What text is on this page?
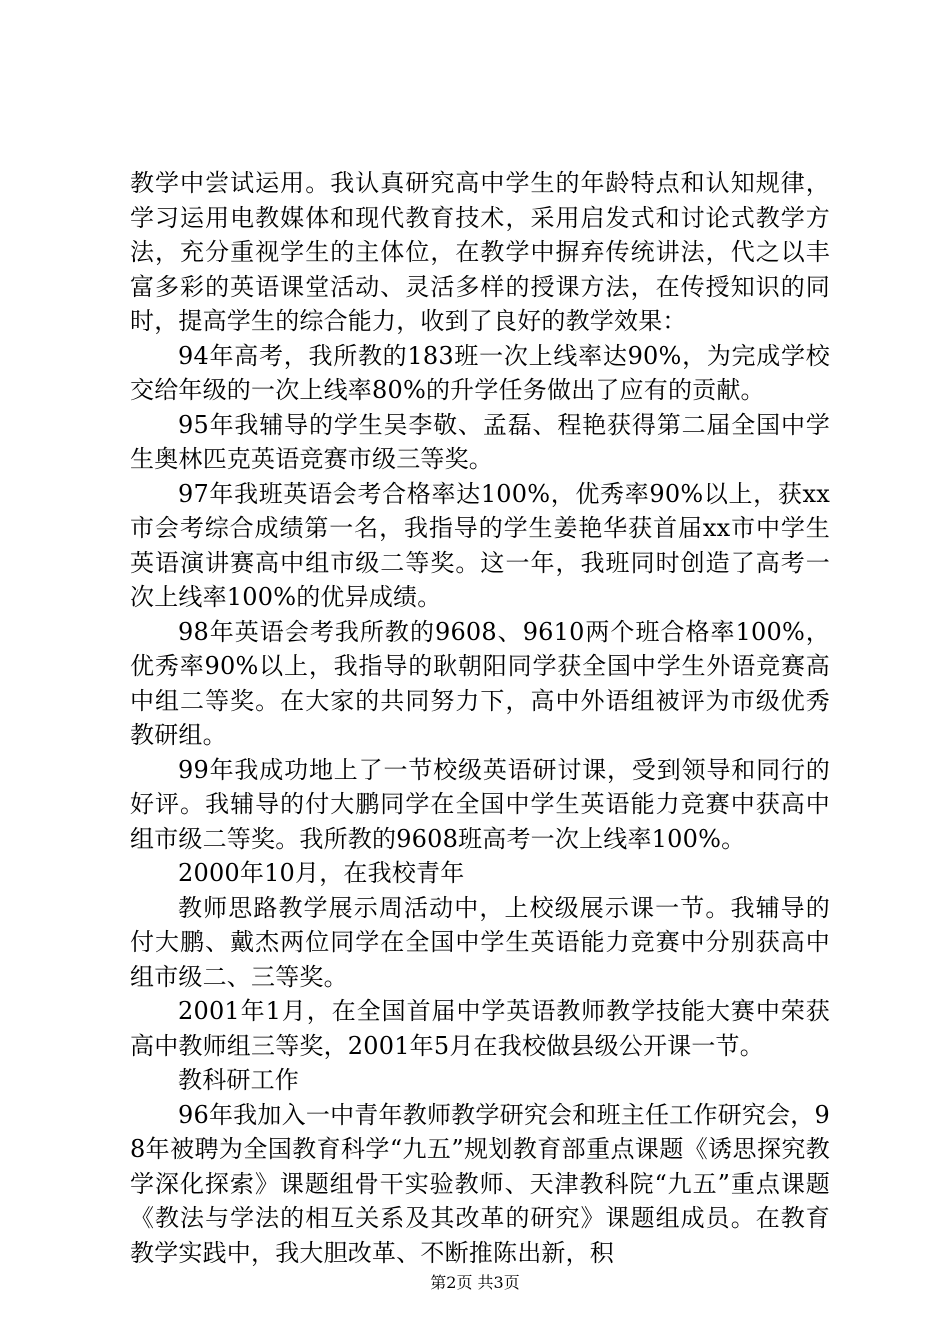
教学中尝试运用。我认真研究高中学生的年龄特点和认知规律，学习运用电教媒体和现代教育技术，采用启发式和讨论式教学方法，充分重视学生的主体位，在教学中摒弃传统讲法，代之以丰富多彩的英语课堂活动、灵活多样的授课方法，在传授知识的同时，提高学生的综合能力，收到了良好的教学效果：

94年高考，我所教的183班一次上线率达90%，为完成学校交给年级的一次上线率80%的升学任务做出了应有的贡献。

95年我辅导的学生吴李敬、孟磊、程艳获得第二届全国中学生奥林匹克英语竞赛市级三等奖。

97年我班英语会考合格率达100%，优秀率90%以上，获xx市会考综合成绩第一名，我指导的学生姜艳华获首届xx市中学生英语演讲赛高中组市级二等奖。这一年，我班同时创造了高考一次上线率100%的优异成绩。

98年英语会考我所教的9608、9610两个班合格率100%，优秀率90%以上，我指导的耿朝阳同学获全国中学生外语竞赛高中组二等奖。在大家的共同努力下，高中外语组被评为市级优秀教研组。

99年我成功地上了一节校级英语研讨课，受到领导和同行的好评。我辅导的付大鹏同学在全国中学生英语能力竞赛中获高中组市级二等奖。我所教的9608班高考一次上线率100%。

2000年10月，在我校青年

教师思路教学展示周活动中，上校级展示课一节。我辅导的付大鹏、戴杰两位同学在全国中学生英语能力竞赛中分别获高中组市级二、三等奖。

2001年1月，在全国首届中学英语教师教学技能大赛中荣获高中教师组三等奖，2001年5月在我校做县级公开课一节。

教科研工作

96年我加入一中青年教师教学研究会和班主任工作研究会，98年被聘为全国教育科学“九五”规划教育部重点课题《诱思探究教学深化探索》课题组骨干实验教师、天津教科院“九五”重点课题《教法与学法的相互关系及其改革的研究》课题组成员。在教育教学实践中，我大胆改革、不断推陈出新，积

第2页 共3页
